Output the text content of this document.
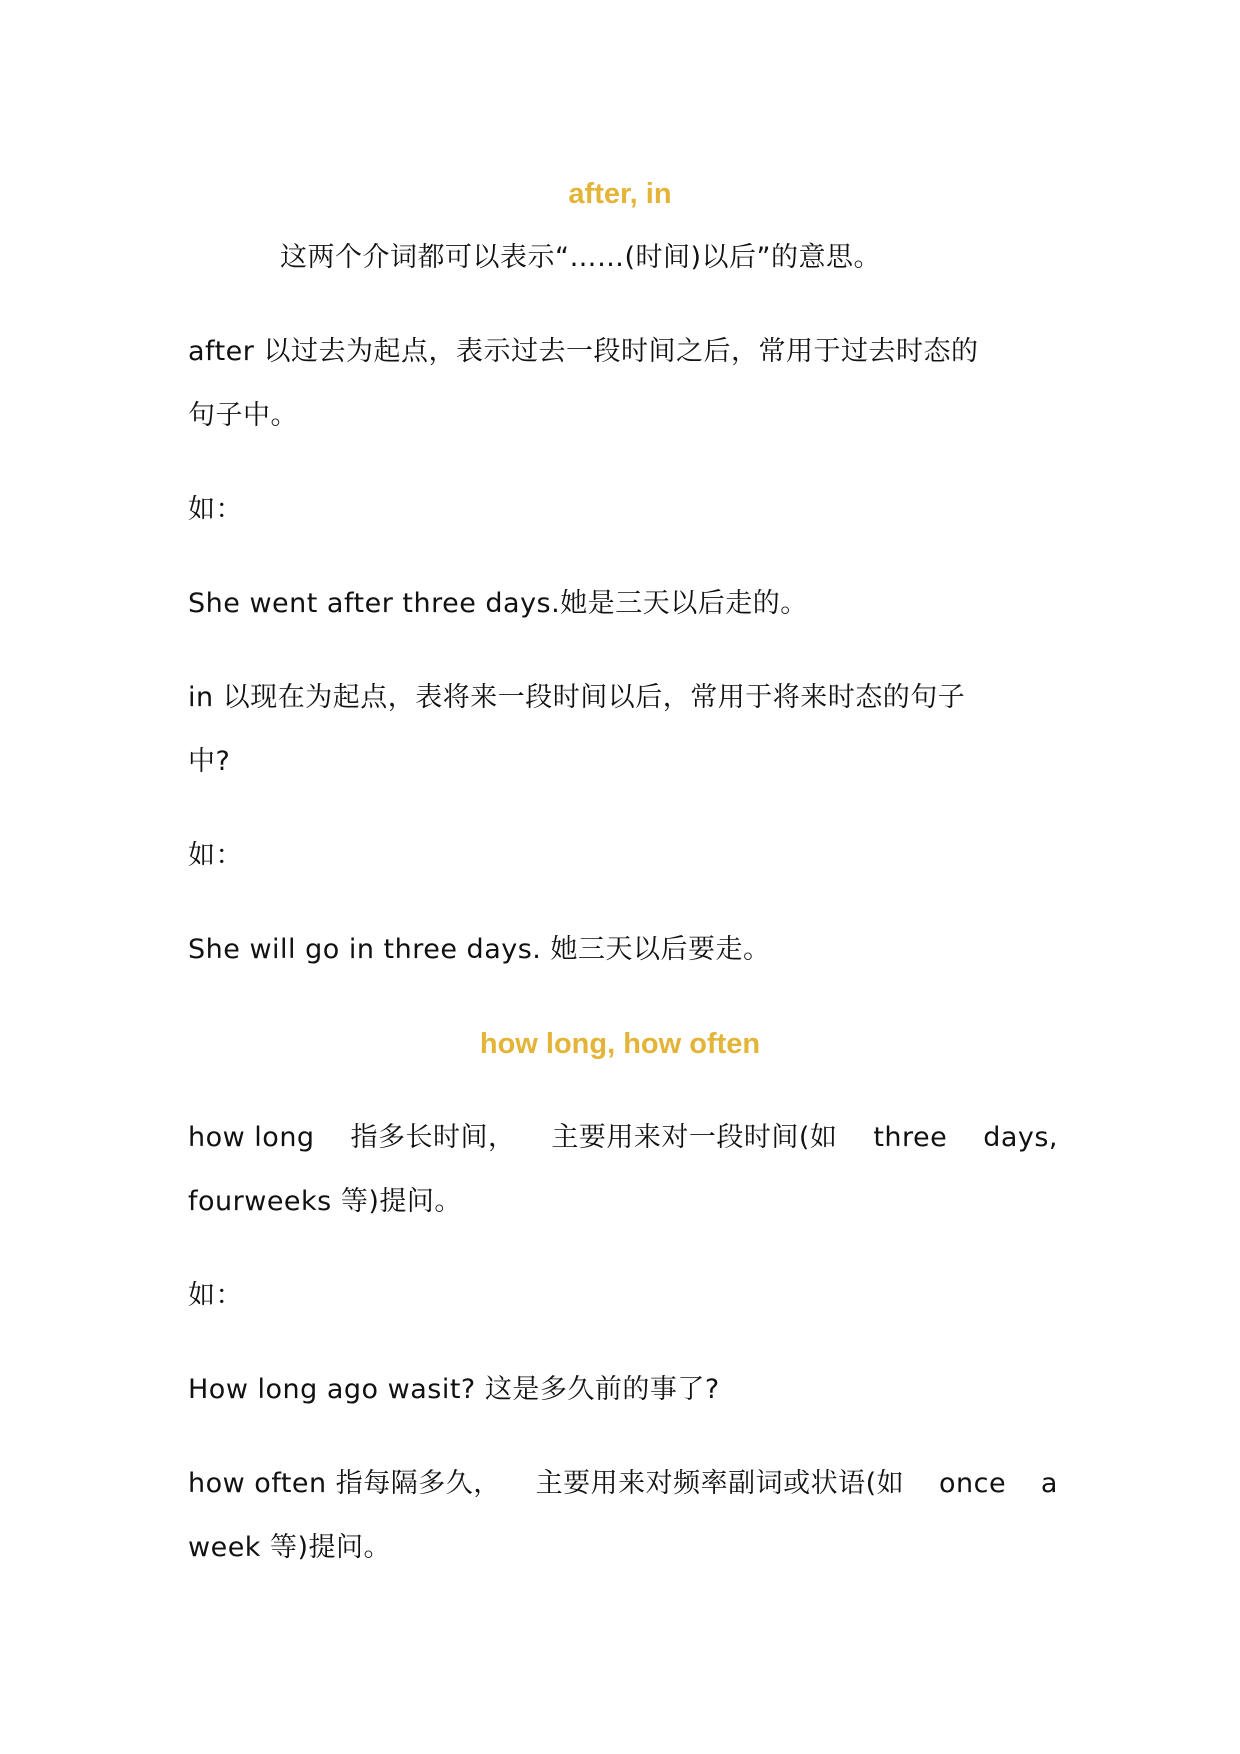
after, in
这两个介词都可以表示“……(时间)以后”的意思。
after 以过去为起点，表示过去一段时间之后，常用于过去时态的
句子中。
如：
She went after three days.她是三天以后走的。
in 以现在为起点，表将来一段时间以后，常用于将来时态的句子
中?
如：
She will go in three days. 她三天以后要走。
how long, how often
how long 指多长时间， 主要用来对一段时间(如 three days,
fourweeks 等)提问。
如：
How long ago wasit? 这是多久前的事了?
how often 指每隔多久， 主要用来对频率副词或状语(如 once a
week 等)提问。
